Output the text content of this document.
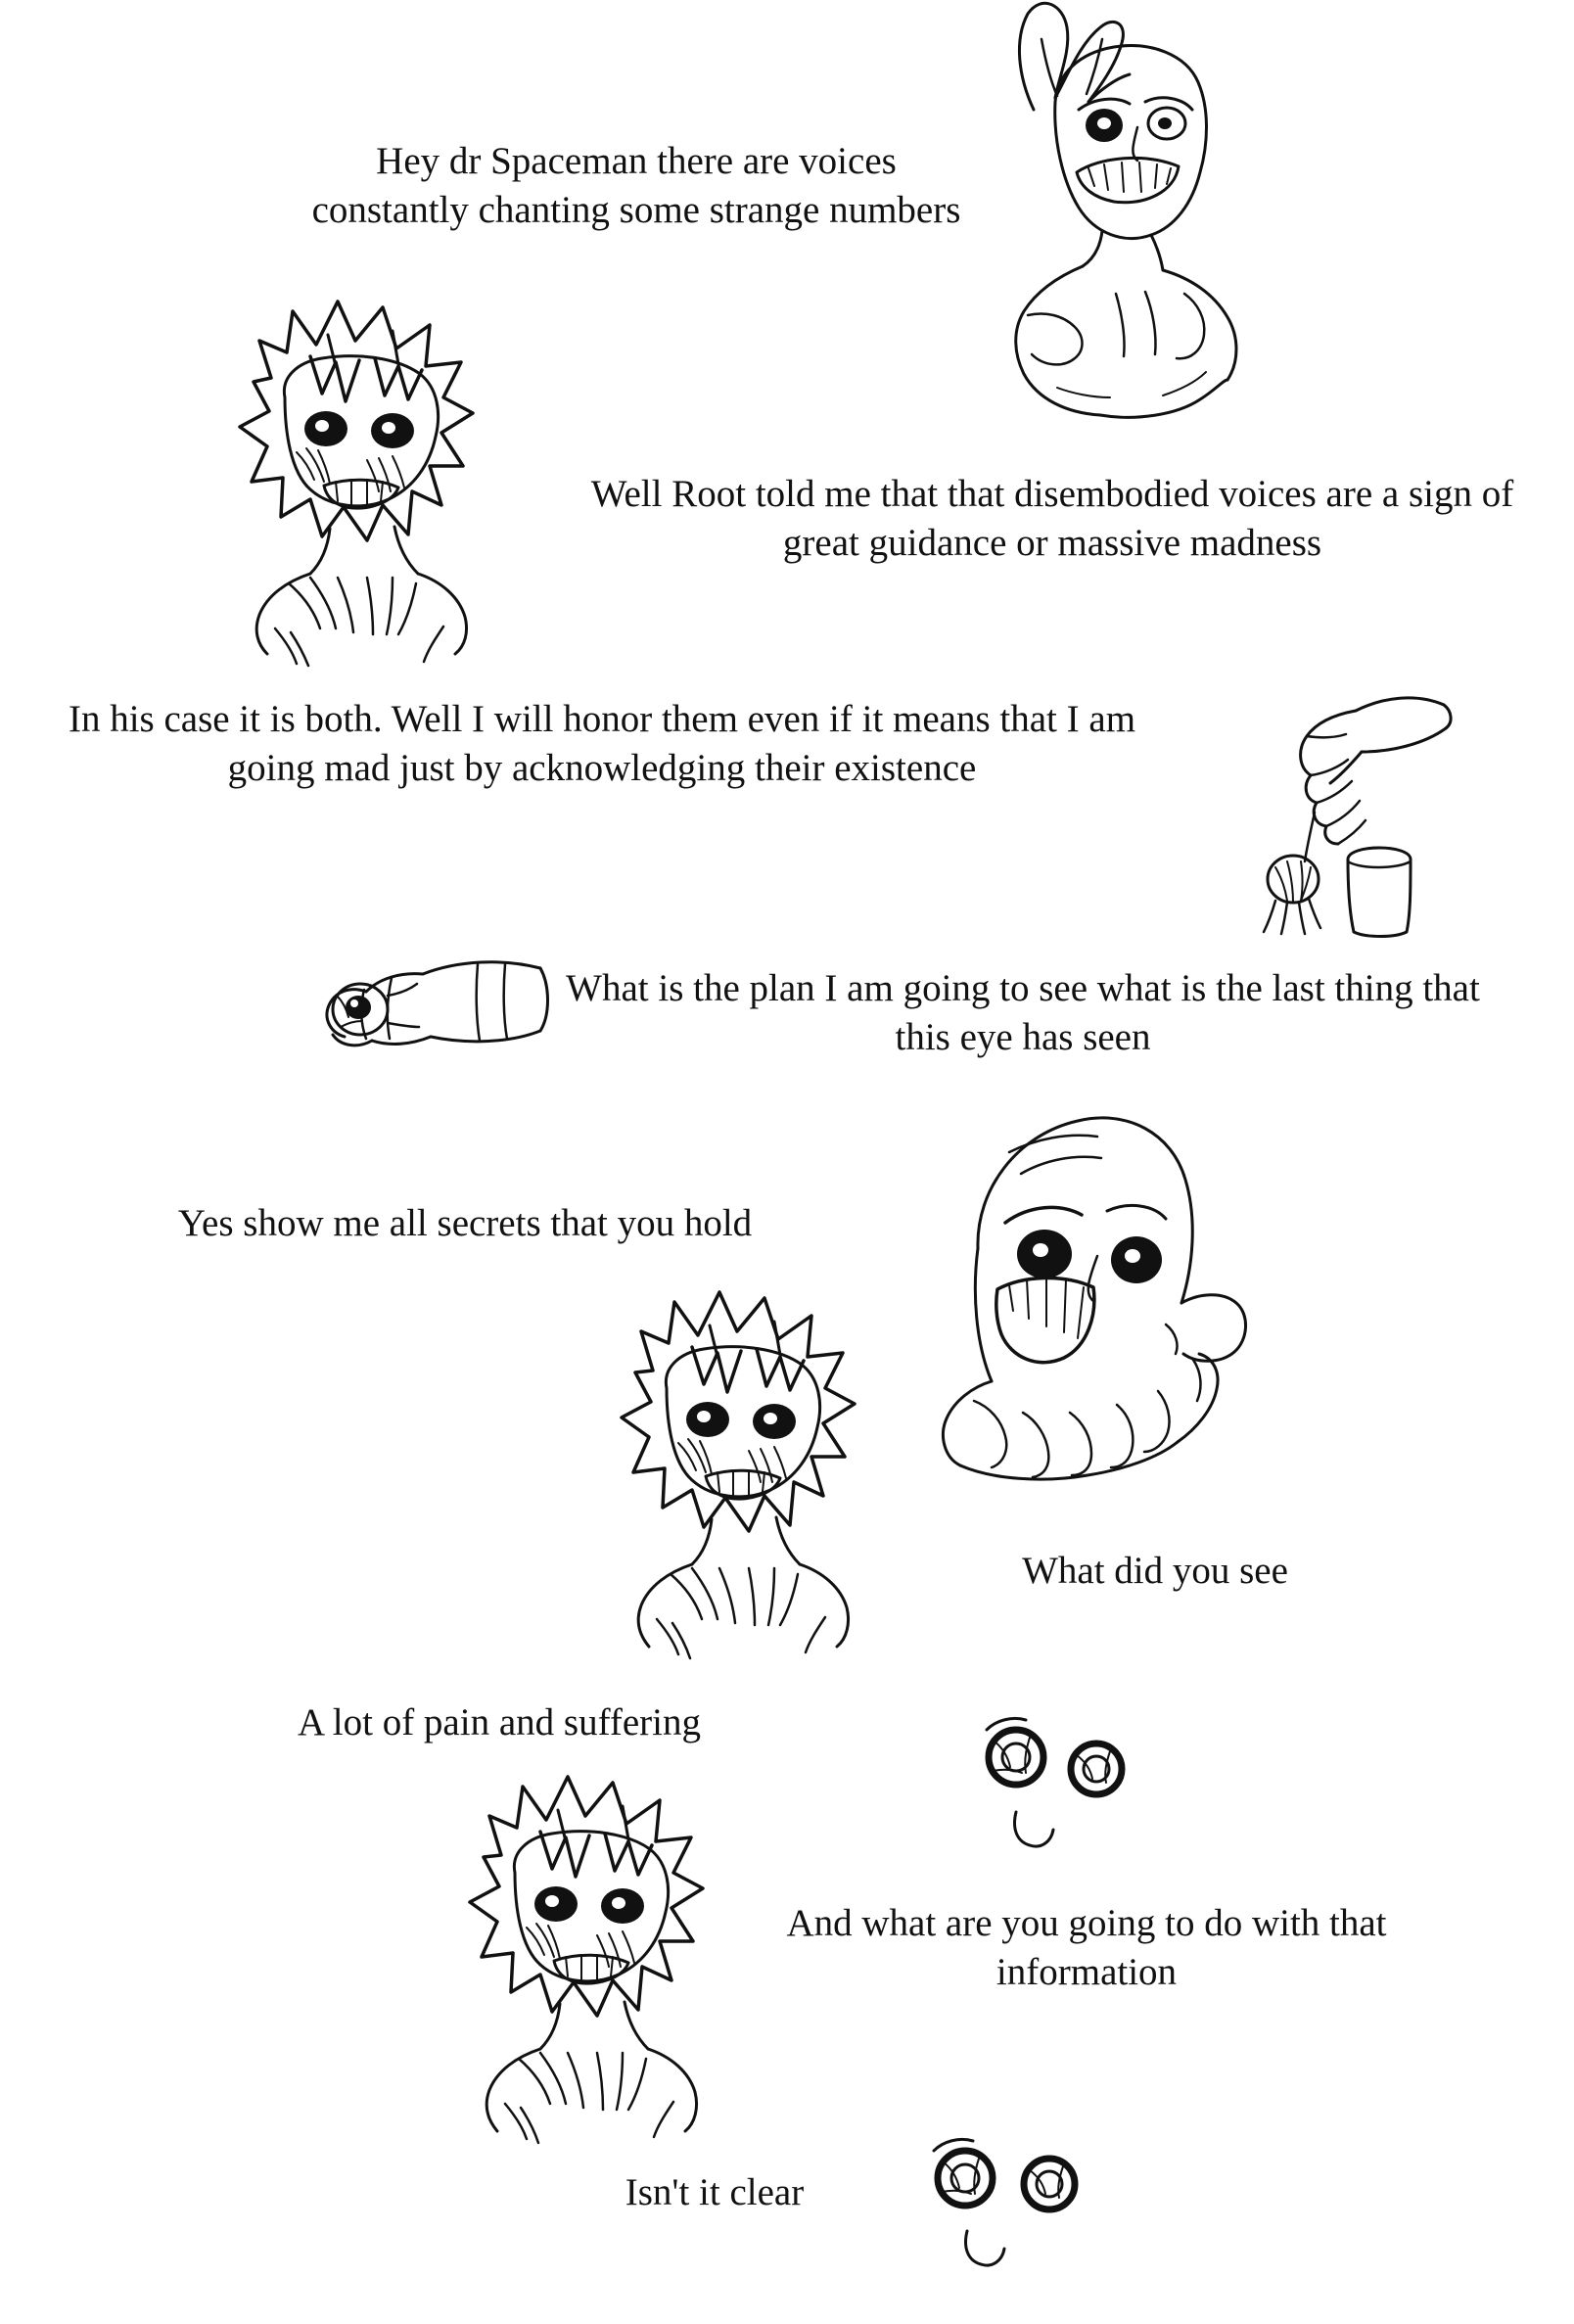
Hey dr Spaceman there are voices constantly chanting some strange numbers
Well Root told me that that disembodied voices are a sign of great guidance or massive madness
In his case it is both. Well I will honor them even if it means that I am going mad just by acknowledging their existence
What is the plan I am going to see what is the last thing that this eye has seen
Yes show me all secrets that you hold
What did you see
A lot of pain and suffering
And what are you going to do with that information
Isn't it clear
